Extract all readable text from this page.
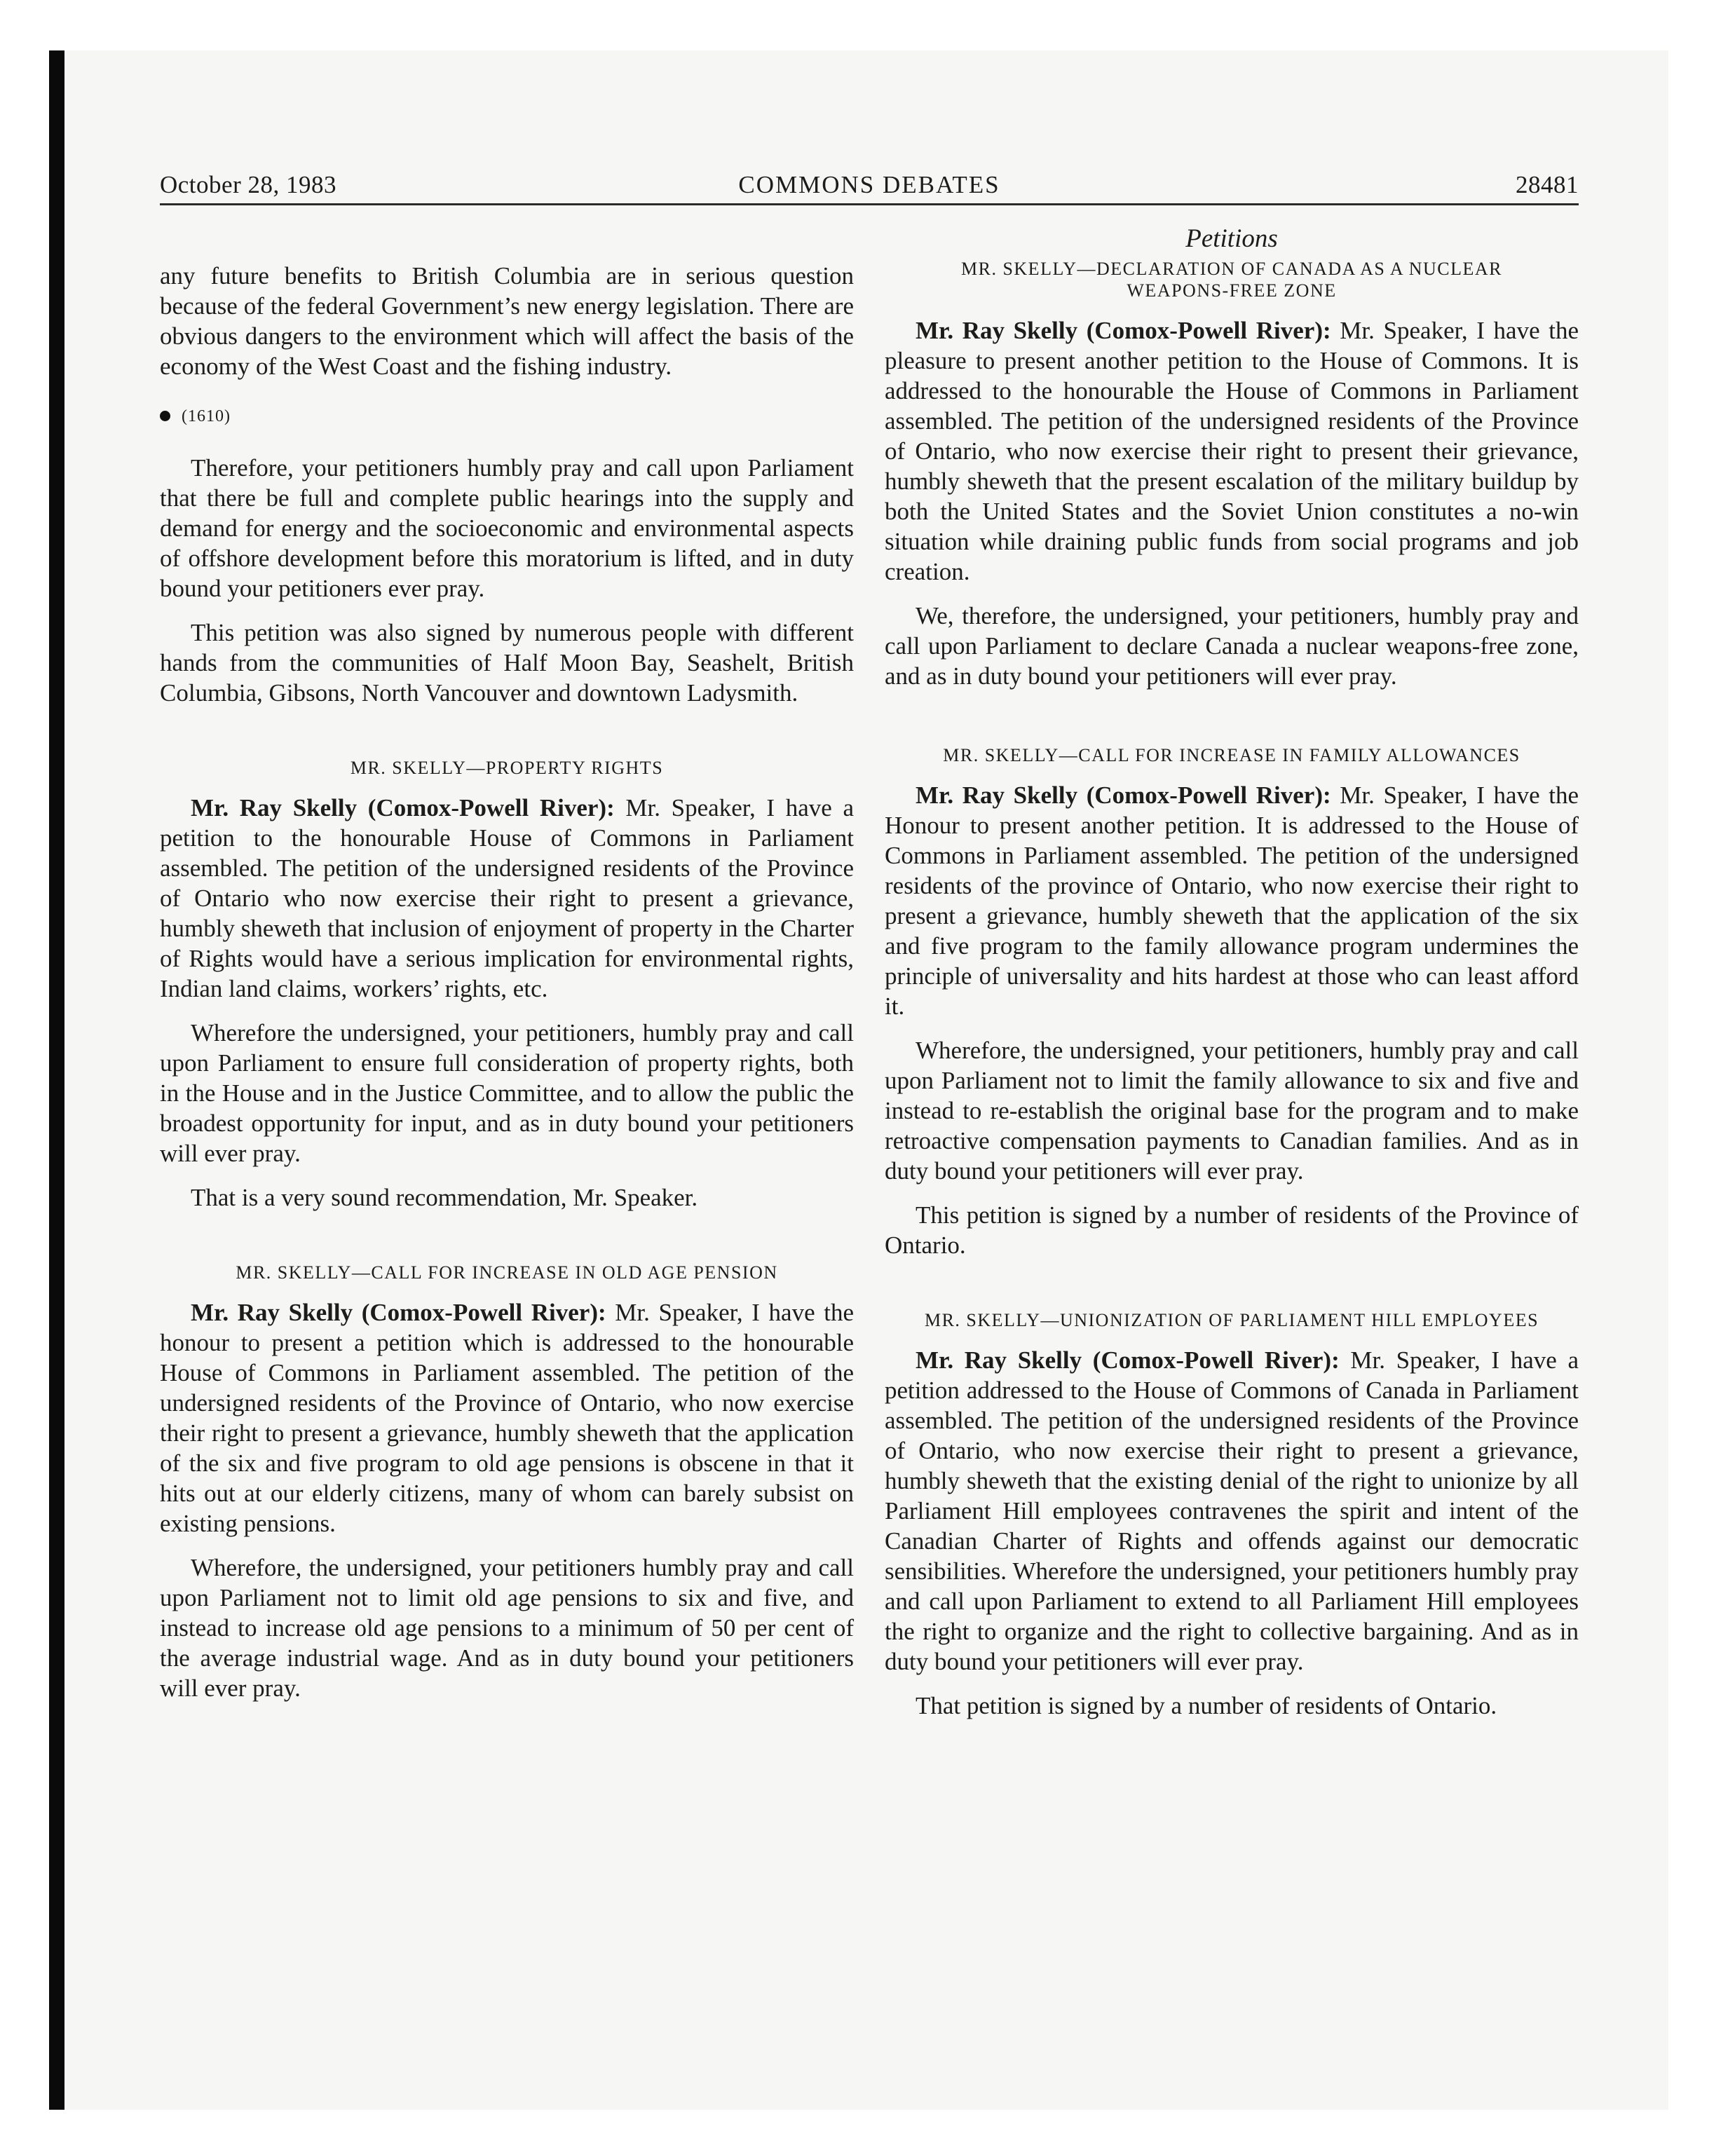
October 28, 1983	COMMONS DEBATES	28481

any future benefits to British Columbia are in serious question because of the federal Government’s new energy legislation. There are obvious dangers to the environment which will affect the basis of the economy of the West Coast and the fishing industry.

(1610)

Therefore, your petitioners humbly pray and call upon Parliament that there be full and complete public hearings into the supply and demand for energy and the socioeconomic and environmental aspects of offshore development before this moratorium is lifted, and in duty bound your petitioners ever pray.

This petition was also signed by numerous people with different hands from the communities of Half Moon Bay, Seashelt, British Columbia, Gibsons, North Vancouver and downtown Ladysmith.

MR. SKELLY—PROPERTY RIGHTS

Mr. Ray Skelly (Comox-Powell River): Mr. Speaker, I have a petition to the honourable House of Commons in Parliament assembled. The petition of the undersigned residents of the Province of Ontario who now exercise their right to present a grievance, humbly sheweth that inclusion of enjoyment of property in the Charter of Rights would have a serious implication for environmental rights, Indian land claims, workers’ rights, etc.

Wherefore the undersigned, your petitioners, humbly pray and call upon Parliament to ensure full consideration of property rights, both in the House and in the Justice Committee, and to allow the public the broadest opportunity for input, and as in duty bound your petitioners will ever pray.

That is a very sound recommendation, Mr. Speaker.

MR. SKELLY—CALL FOR INCREASE IN OLD AGE PENSION

Mr. Ray Skelly (Comox-Powell River): Mr. Speaker, I have the honour to present a petition which is addressed to the honourable House of Commons in Parliament assembled. The petition of the undersigned residents of the Province of Ontario, who now exercise their right to present a grievance, humbly sheweth that the application of the six and five program to old age pensions is obscene in that it hits out at our elderly citizens, many of whom can barely subsist on existing pensions.

Wherefore, the undersigned, your petitioners humbly pray and call upon Parliament not to limit old age pensions to six and five, and instead to increase old age pensions to a minimum of 50 per cent of the average industrial wage. And as in duty bound your petitioners will ever pray.

Petitions
MR. SKELLY—DECLARATION OF CANADA AS A NUCLEAR WEAPONS-FREE ZONE

Mr. Ray Skelly (Comox-Powell River): Mr. Speaker, I have the pleasure to present another petition to the House of Commons. It is addressed to the honourable the House of Commons in Parliament assembled. The petition of the undersigned residents of the Province of Ontario, who now exercise their right to present their grievance, humbly sheweth that the present escalation of the military buildup by both the United States and the Soviet Union constitutes a no-win situation while draining public funds from social programs and job creation.

We, therefore, the undersigned, your petitioners, humbly pray and call upon Parliament to declare Canada a nuclear weapons-free zone, and as in duty bound your petitioners will ever pray.

MR. SKELLY—CALL FOR INCREASE IN FAMILY ALLOWANCES

Mr. Ray Skelly (Comox-Powell River): Mr. Speaker, I have the Honour to present another petition. It is addressed to the House of Commons in Parliament assembled. The petition of the undersigned residents of the province of Ontario, who now exercise their right to present a grievance, humbly sheweth that the application of the six and five program to the family allowance program undermines the principle of universality and hits hardest at those who can least afford it.

Wherefore, the undersigned, your petitioners, humbly pray and call upon Parliament not to limit the family allowance to six and five and instead to re-establish the original base for the program and to make retroactive compensation payments to Canadian families. And as in duty bound your petitioners will ever pray.

This petition is signed by a number of residents of the Province of Ontario.

MR. SKELLY—UNIONIZATION OF PARLIAMENT HILL EMPLOYEES

Mr. Ray Skelly (Comox-Powell River): Mr. Speaker, I have a petition addressed to the House of Commons of Canada in Parliament assembled. The petition of the undersigned residents of the Province of Ontario, who now exercise their right to present a grievance, humbly sheweth that the existing denial of the right to unionize by all Parliament Hill employees contravenes the spirit and intent of the Canadian Charter of Rights and offends against our democratic sensibilities. Wherefore the undersigned, your petitioners humbly pray and call upon Parliament to extend to all Parliament Hill employees the right to organize and the right to collective bargaining. And as in duty bound your petitioners will ever pray.

That petition is signed by a number of residents of Ontario.
